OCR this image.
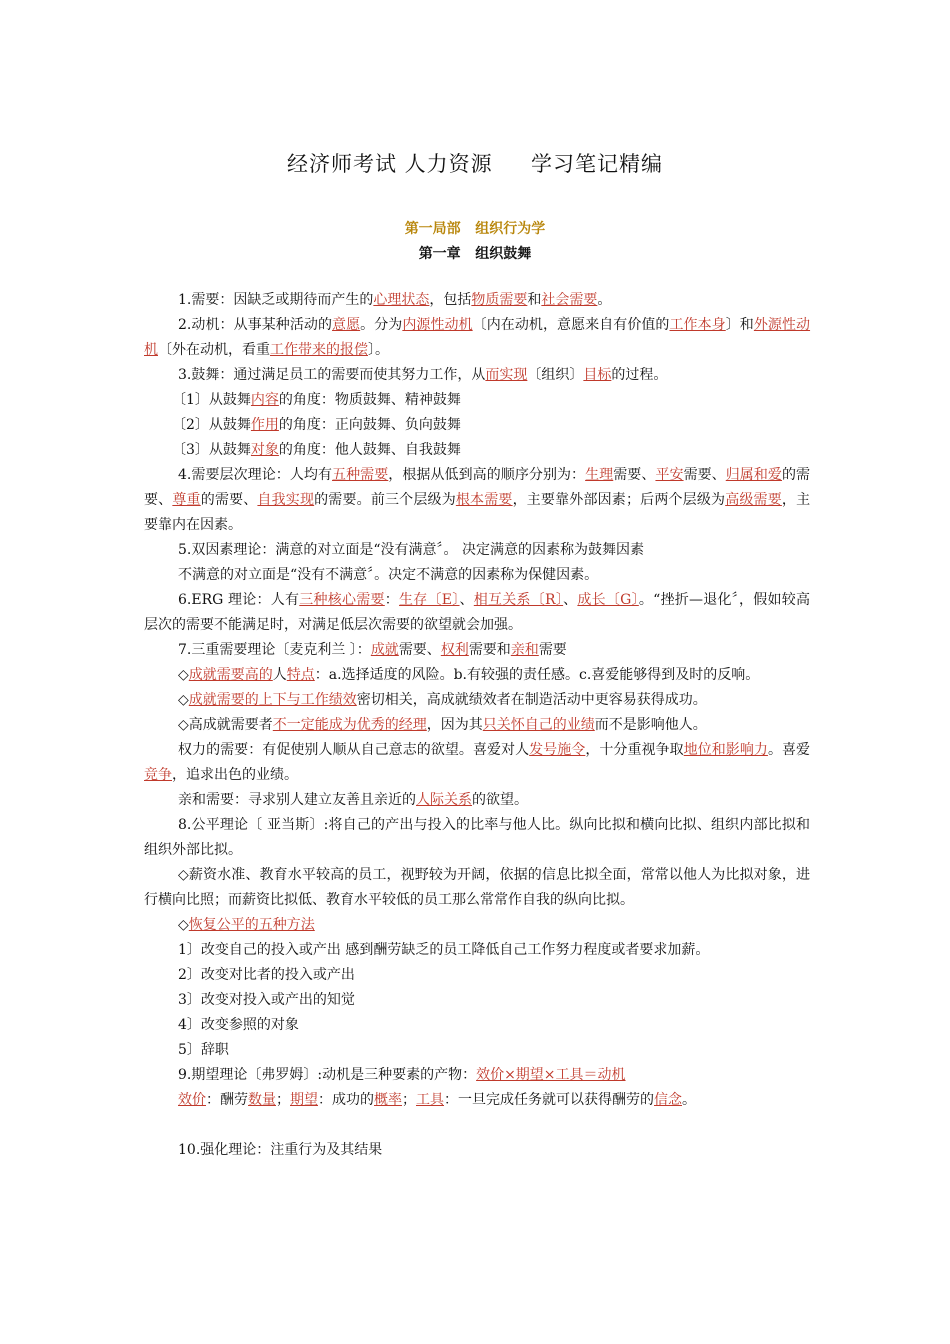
经济师考试 人力资源     学习笔记精编
第一局部   组织行为学
第一章   组织鼓舞

1.需要：因缺乏或期待而产生的心理状态，包括物质需要和社会需要。

2.动机：从事某种活动的意愿。分为内源性动机〔内在动机，意愿来自有价值的工作本身〕和外源性动机〔外在动机，看重工作带来的报偿〕。

3.鼓舞：通过满足员工的需要而使其努力工作，从而实现〔组织〕目标的过程。

〔1〕从鼓舞内容的角度：物质鼓舞、精神鼓舞

〔2〕从鼓舞作用的角度：正向鼓舞、负向鼓舞

〔3〕从鼓舞对象的角度：他人鼓舞、自我鼓舞

4.需要层次理论：人均有五种需要，根据从低到高的顺序分别为：生理需要、平安需要、归属和爱的需要、尊重的需要、自我实现的需要。前三个层级为根本需要，主要靠外部因素；后两个层级为高级需要，主要靠内在因素。

5.双因素理论：满意的对立面是“没有满意〞。 决定满意的因素称为鼓舞因素

不满意的对立面是“没有不满意〞。决定不满意的因素称为保健因素。

6.ERG 理论：人有三种核心需要：生存〔E〕、相互关系〔R〕、成长〔G〕。“挫折—退化〞，假如较高层次的需要不能满足时，对满足低层次需要的欲望就会加强。

7.三重需要理论〔麦克利兰 〕：成就需要、权利需要和亲和需要

◇成就需要高的人特点：a.选择适度的风险。b.有较强的责任感。c.喜爱能够得到及时的反响。

◇成就需要的上下与工作绩效密切相关，高成就绩效者在制造活动中更容易获得成功。

◇高成就需要者不一定能成为优秀的经理，因为其只关怀自己的业绩而不是影响他人。

权力的需要：有促使别人顺从自己意志的欲望。喜爱对人发号施令，十分重视争取地位和影响力。喜爱竞争，追求出色的业绩。

亲和需要：寻求别人建立友善且亲近的人际关系的欲望。

8.公平理论〔 亚当斯〕:将自己的产出与投入的比率与他人比。纵向比拟和横向比拟、组织内部比拟和组织外部比拟。

◇薪资水准、教育水平较高的员工，视野较为开阔，依据的信息比拟全面，常常以他人为比拟对象，进行横向比照；而薪资比拟低、教育水平较低的员工那么常常作自我的纵向比拟。

◇恢复公平的五种方法

1〕改变自己的投入或产出 感到酬劳缺乏的员工降低自己工作努力程度或者要求加薪。

2〕改变对比者的投入或产出

3〕改变对投入或产出的知觉

4〕改变参照的对象

5〕辞职

9.期望理论〔弗罗姆〕:动机是三种要素的产物：效价×期望×工具＝动机

效价：酬劳数量；期望：成功的概率；工具：一旦完成任务就可以获得酬劳的信念。

10.强化理论：注重行为及其结果
